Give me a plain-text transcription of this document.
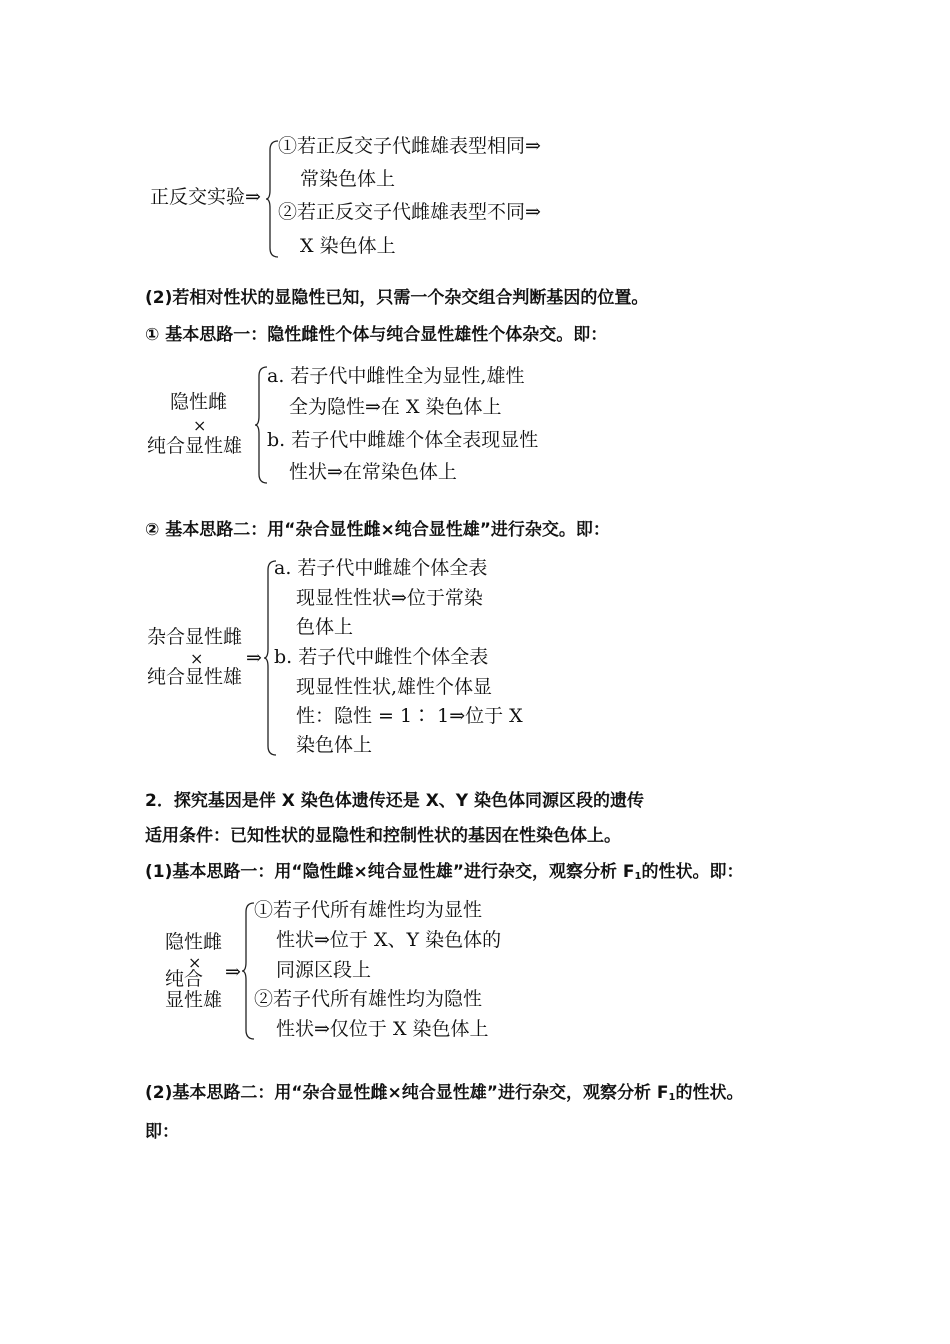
正反交实验⇒
①若正反交子代雌雄表型相同⇒
常染色体上
②若正反交子代雌雄表型不同⇒
X 染色体上
(2)若相对性状的显隐性已知，只需一个杂交组合判断基因的位置。
① 基本思路一：隐性雌性个体与纯合显性雄性个体杂交。即：
隐性雌
×
纯合显性雄
a. 若子代中雌性全为显性,雄性
全为隐性⇒在 X 染色体上
b. 若子代中雌雄个体全表现显性
性状⇒在常染色体上
② 基本思路二：用“杂合显性雌×纯合显性雄”进行杂交。即：
杂合显性雌
×
纯合显性雄
⇒
a. 若子代中雌雄个体全表
现显性性状⇒位于常染
色体上
b. 若子代中雌性个体全表
现显性性状,雄性个体显
性：隐性 = 1∶ 1⇒位于 X
染色体上
2．探究基因是伴 X 染色体遗传还是 X、Y 染色体同源区段的遗传
适用条件：已知性状的显隐性和控制性状的基因在性染色体上。
(1)基本思路一：用“隐性雌×纯合显性雄”进行杂交，观察分析 $F_1$的性状。即：
隐性雌
×
纯合
显性雄
⇒
①若子代所有雄性均为显性
性状⇒位于 X、Y 染色体的
同源区段上
②若子代所有雄性均为隐性
性状⇒仅位于 X 染色体上
(2)基本思路二：用“杂合显性雌×纯合显性雄”进行杂交，观察分析 $F_1$的性状。
即：
